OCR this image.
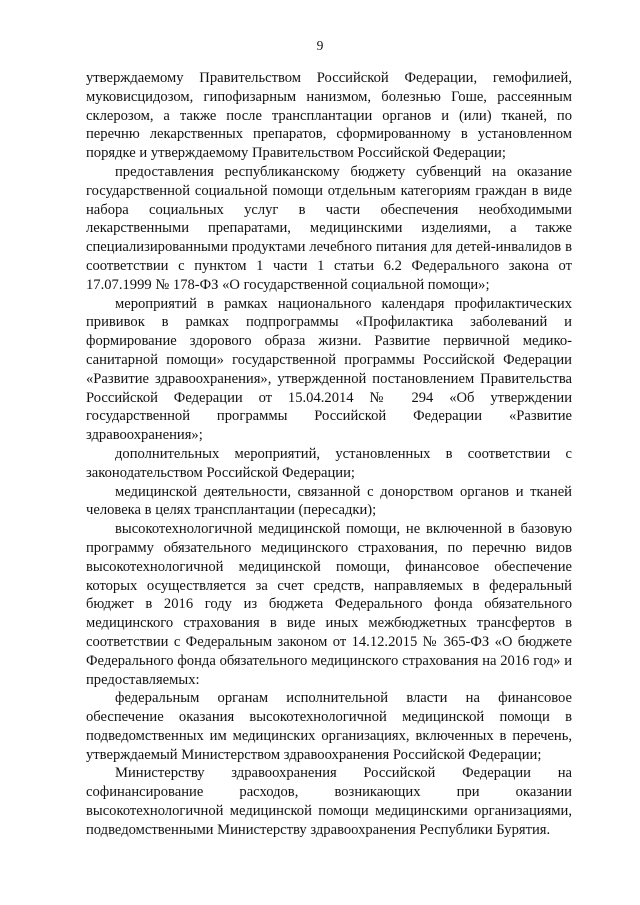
9

утверждаемому Правительством Российской Федерации, гемофилией, муковисцидозом, гипофизарным нанизмом, болезнью Гоше, рассеянным склерозом, а также после трансплантации органов и (или) тканей, по перечню лекарственных препаратов, сформированному в установленном порядке и утверждаемому Правительством Российской Федерации;

предоставления республиканскому бюджету субвенций на оказание государственной социальной помощи отдельным категориям граждан в виде набора социальных услуг в части обеспечения необходимыми лекарственными препаратами, медицинскими изделиями, а также специализированными продуктами лечебного питания для детей-инвалидов в соответствии с пунктом 1 части 1 статьи 6.2 Федерального закона от 17.07.1999 № 178-ФЗ «О государственной социальной помощи»;

мероприятий в рамках национального календаря профилактических прививок в рамках подпрограммы «Профилактика заболеваний и формирование здорового образа жизни. Развитие первичной медико-санитарной помощи» государственной программы Российской Федерации «Развитие здравоохранения», утвержденной постановлением Правительства Российской Федерации от 15.04.2014 № 294 «Об утверждении государственной программы Российской Федерации «Развитие здравоохранения»;

дополнительных мероприятий, установленных в соответствии с законодательством Российской Федерации;

медицинской деятельности, связанной с донорством органов и тканей человека в целях трансплантации (пересадки);

высокотехнологичной медицинской помощи, не включенной в базовую программу обязательного медицинского страхования, по перечню видов высокотехнологичной медицинской помощи, финансовое обеспечение которых осуществляется за счет средств, направляемых в федеральный бюджет в 2016 году из бюджета Федерального фонда обязательного медицинского страхования в виде иных межбюджетных трансфертов в соответствии с Федеральным законом от 14.12.2015 № 365-ФЗ «О бюджете Федерального фонда обязательного медицинского страхования на 2016 год» и предоставляемых:

федеральным органам исполнительной власти на финансовое обеспечение оказания высокотехнологичной медицинской помощи в подведомственных им медицинских организациях, включенных в перечень, утверждаемый Министерством здравоохранения Российской Федерации;

Министерству здравоохранения Российской Федерации на софинансирование расходов, возникающих при оказании высокотехнологичной медицинской помощи медицинскими организациями, подведомственными Министерству здравоохранения Республики Бурятия.
